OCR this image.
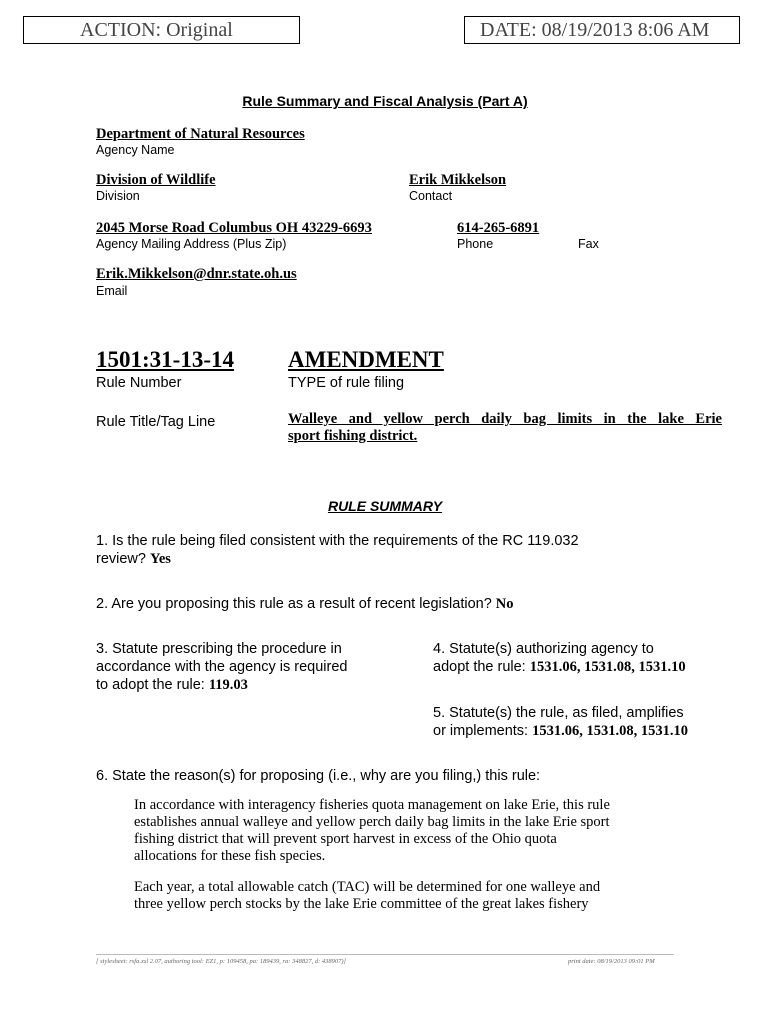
ACTION: Original	DATE: 08/19/2013 8:06 AM
Rule Summary and Fiscal Analysis (Part A)
Department of Natural Resources
Agency Name
Division of Wildlife
Division
Erik Mikkelson
Contact
2045 Morse Road Columbus OH 43229-6693
Agency Mailing Address (Plus Zip)
614-265-6891
Phone	Fax
Erik.Mikkelson@dnr.state.oh.us
Email
1501:31-13-14
Rule Number
AMENDMENT
TYPE of rule filing
Rule Title/Tag Line	Walleye and yellow perch daily bag limits in the lake Erie
sport fishing district.
RULE SUMMARY
1. Is the rule being filed consistent with the requirements of the RC 119.032
review? Yes
2. Are you proposing this rule as a result of recent legislation? No
3. Statute prescribing the procedure in
accordance with the agency is required
to adopt the rule: 119.03
4. Statute(s) authorizing agency to
adopt the rule: 1531.06, 1531.08, 1531.10
5. Statute(s) the rule, as filed, amplifies
or implements: 1531.06, 1531.08, 1531.10
6. State the reason(s) for proposing (i.e., why are you filing,) this rule:
In accordance with interagency fisheries quota management on lake Erie, this rule
establishes annual walleye and yellow perch daily bag limits in the lake Erie sport
fishing district that will prevent sport harvest in excess of the Ohio quota
allocations for these fish species.
Each year, a total allowable catch (TAC) will be determined for one walleye and
three yellow perch stocks by the lake Erie committee of the great lakes fishery
[ stylesheet: rsfa.xsl 2.07, authoring tool: EZ1, p: 109458, pa: 189439, ra: 348827, d: 438907)]	print date: 08/19/2013 09:01 PM
